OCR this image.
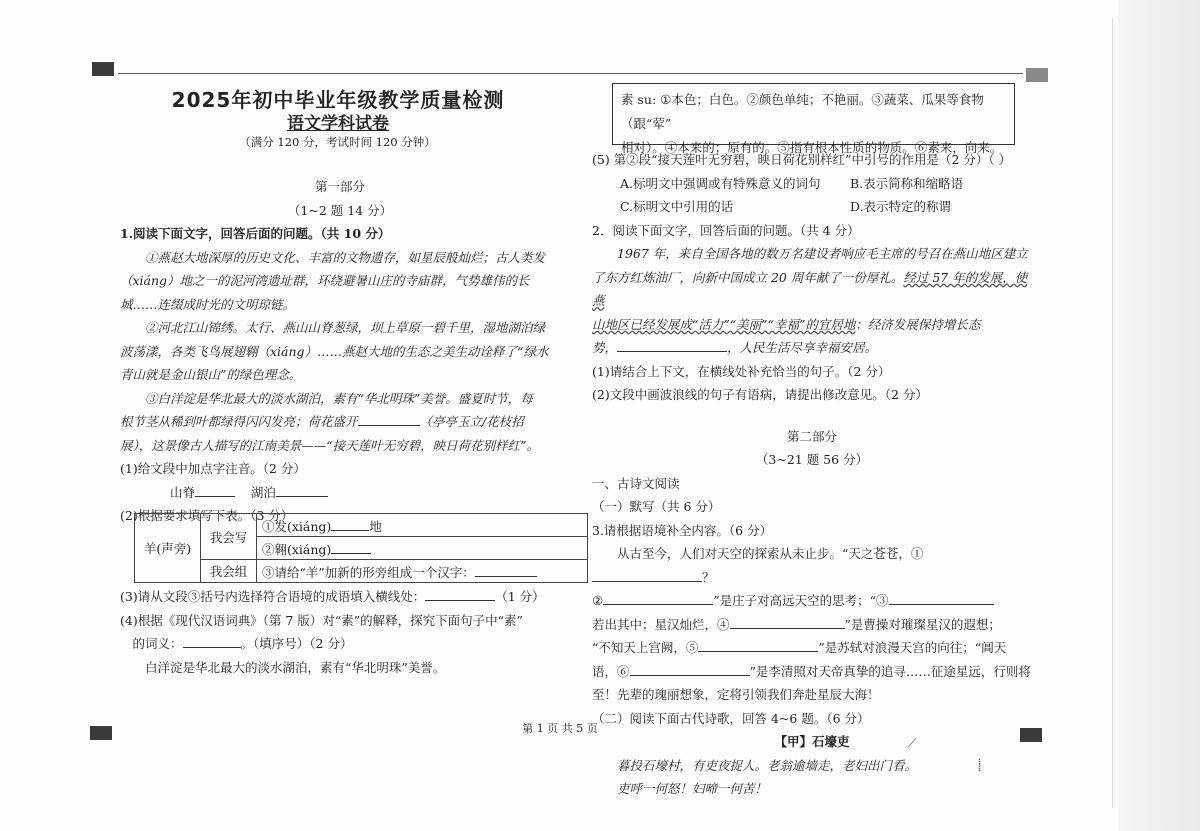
2025年初中毕业年级教学质量检测
语文学科试卷
（满分 120 分，考试时间 120 分钟）

第一部分

（1~2 题 14 分）

1.阅读下面文字，回答后面的问题。（共 10 分）

①燕赵大地深厚的历史文化、丰富的文物遗存，如星辰般灿烂；古人类发

（xiáng）地之一的泥河湾遗址群，环绕避暑山庄的寺庙群，气势雄伟的长

城……连缀成时光的文明琼链。

②河北江山锦绣。太行、燕山山脊葱绿，坝上草原一碧千里，湿地湖泊绿

波荡漾，各类飞鸟展翅翱（xiáng）……燕赵大地的生态之美生动诠释了“绿水

青山就是金山银山”的绿色理念。

③白洋淀是华北最大的淡水湖泊，素有“华北明珠”美誉。盛夏时节，每

根节茎从稀到叶都绿得闪闪发亮；荷花盛开	（亭亭玉立/花枝招

展），这景像古人描写的江南美景——“接天莲叶无穷碧，映日荷花别样红”。

(1)给文段中加点字注音。（2 分）

山脊	湖泊

(2)根据要求填写下表。（3 分）

羊(声旁)	我会写	①发(xiáng) 地
		②翱(xiáng)
	我会组	③请给“羊”加新的形旁组成一个汉字：

(3)请从文段③括号内选择符合语境的成语填入横线处：	（1 分）

(4)根据《现代汉语词典》（第 7 版）对“素”的解释，探究下面句子中“素”

的词义：	。（填序号）（2 分）

白洋淀是华北最大的淡水湖泊，素有“华北明珠”美誉。

素 su: ①本色；白色。②颜色单纯；不艳丽。③蔬菜、瓜果等食物（跟“荤”
相对）。④本来的；原有的。⑤指有根本性质的物质。⑥素来，向来。

(5) 第②段“接天莲叶无穷碧，映日荷花别样红”中引号的作用是（2 分）（ ）

A.标明文中强调或有特殊意义的词句 B.表示简称和缩略语

C.标明文中引用的话	D.表示特定的称谓

2．阅读下面文字，回答后面的问题。（共 4 分）

1967 年，来自全国各地的数万名建设者响应毛主席的号召在燕山地区建立

了东方红炼油厂，向新中国成立 20 周年献了一份厚礼。经过 57 年的发展，使燕

山地区已经发展成“活力”“美丽”“幸福”的宜居地：经济发展保持增长态

势，	，人民生活尽享幸福安居。

(1)请结合上下文，在横线处补充恰当的句子。（2 分）

(2)文段中画波浪线的句子有语病，请提出修改意见。（2 分）

第二部分

（3~21 题 56 分）

一、古诗文阅读

（一）默写（共 6 分）

3.请根据语境补全内容。（6 分）

从古至今，人们对天空的探索从未止步。“天之苍苍，①？

②	”是庄子对高远天空的思考；“③

若出其中；星汉灿烂，④	”是曹操对璀璨星汉的遐想；

“不知天上宫阙，⑤	”是苏轼对浪漫天宫的向往；“阊天

语，⑥	”是李清照对天帝真挚的追寻……征途星远，行则将

至！先辈的瑰丽想象，定将引领我们奔赴星辰大海！

（二）阅读下面古代诗歌，回答 4~6 题。（6 分）

【甲】石壕吏

暮投石壕村，有吏夜捉人。老翁逾墙走，老妇出门看。

吏呼一何怒！妇啼一何苦！

⟋
⸽
第 1 页 共 5 页
